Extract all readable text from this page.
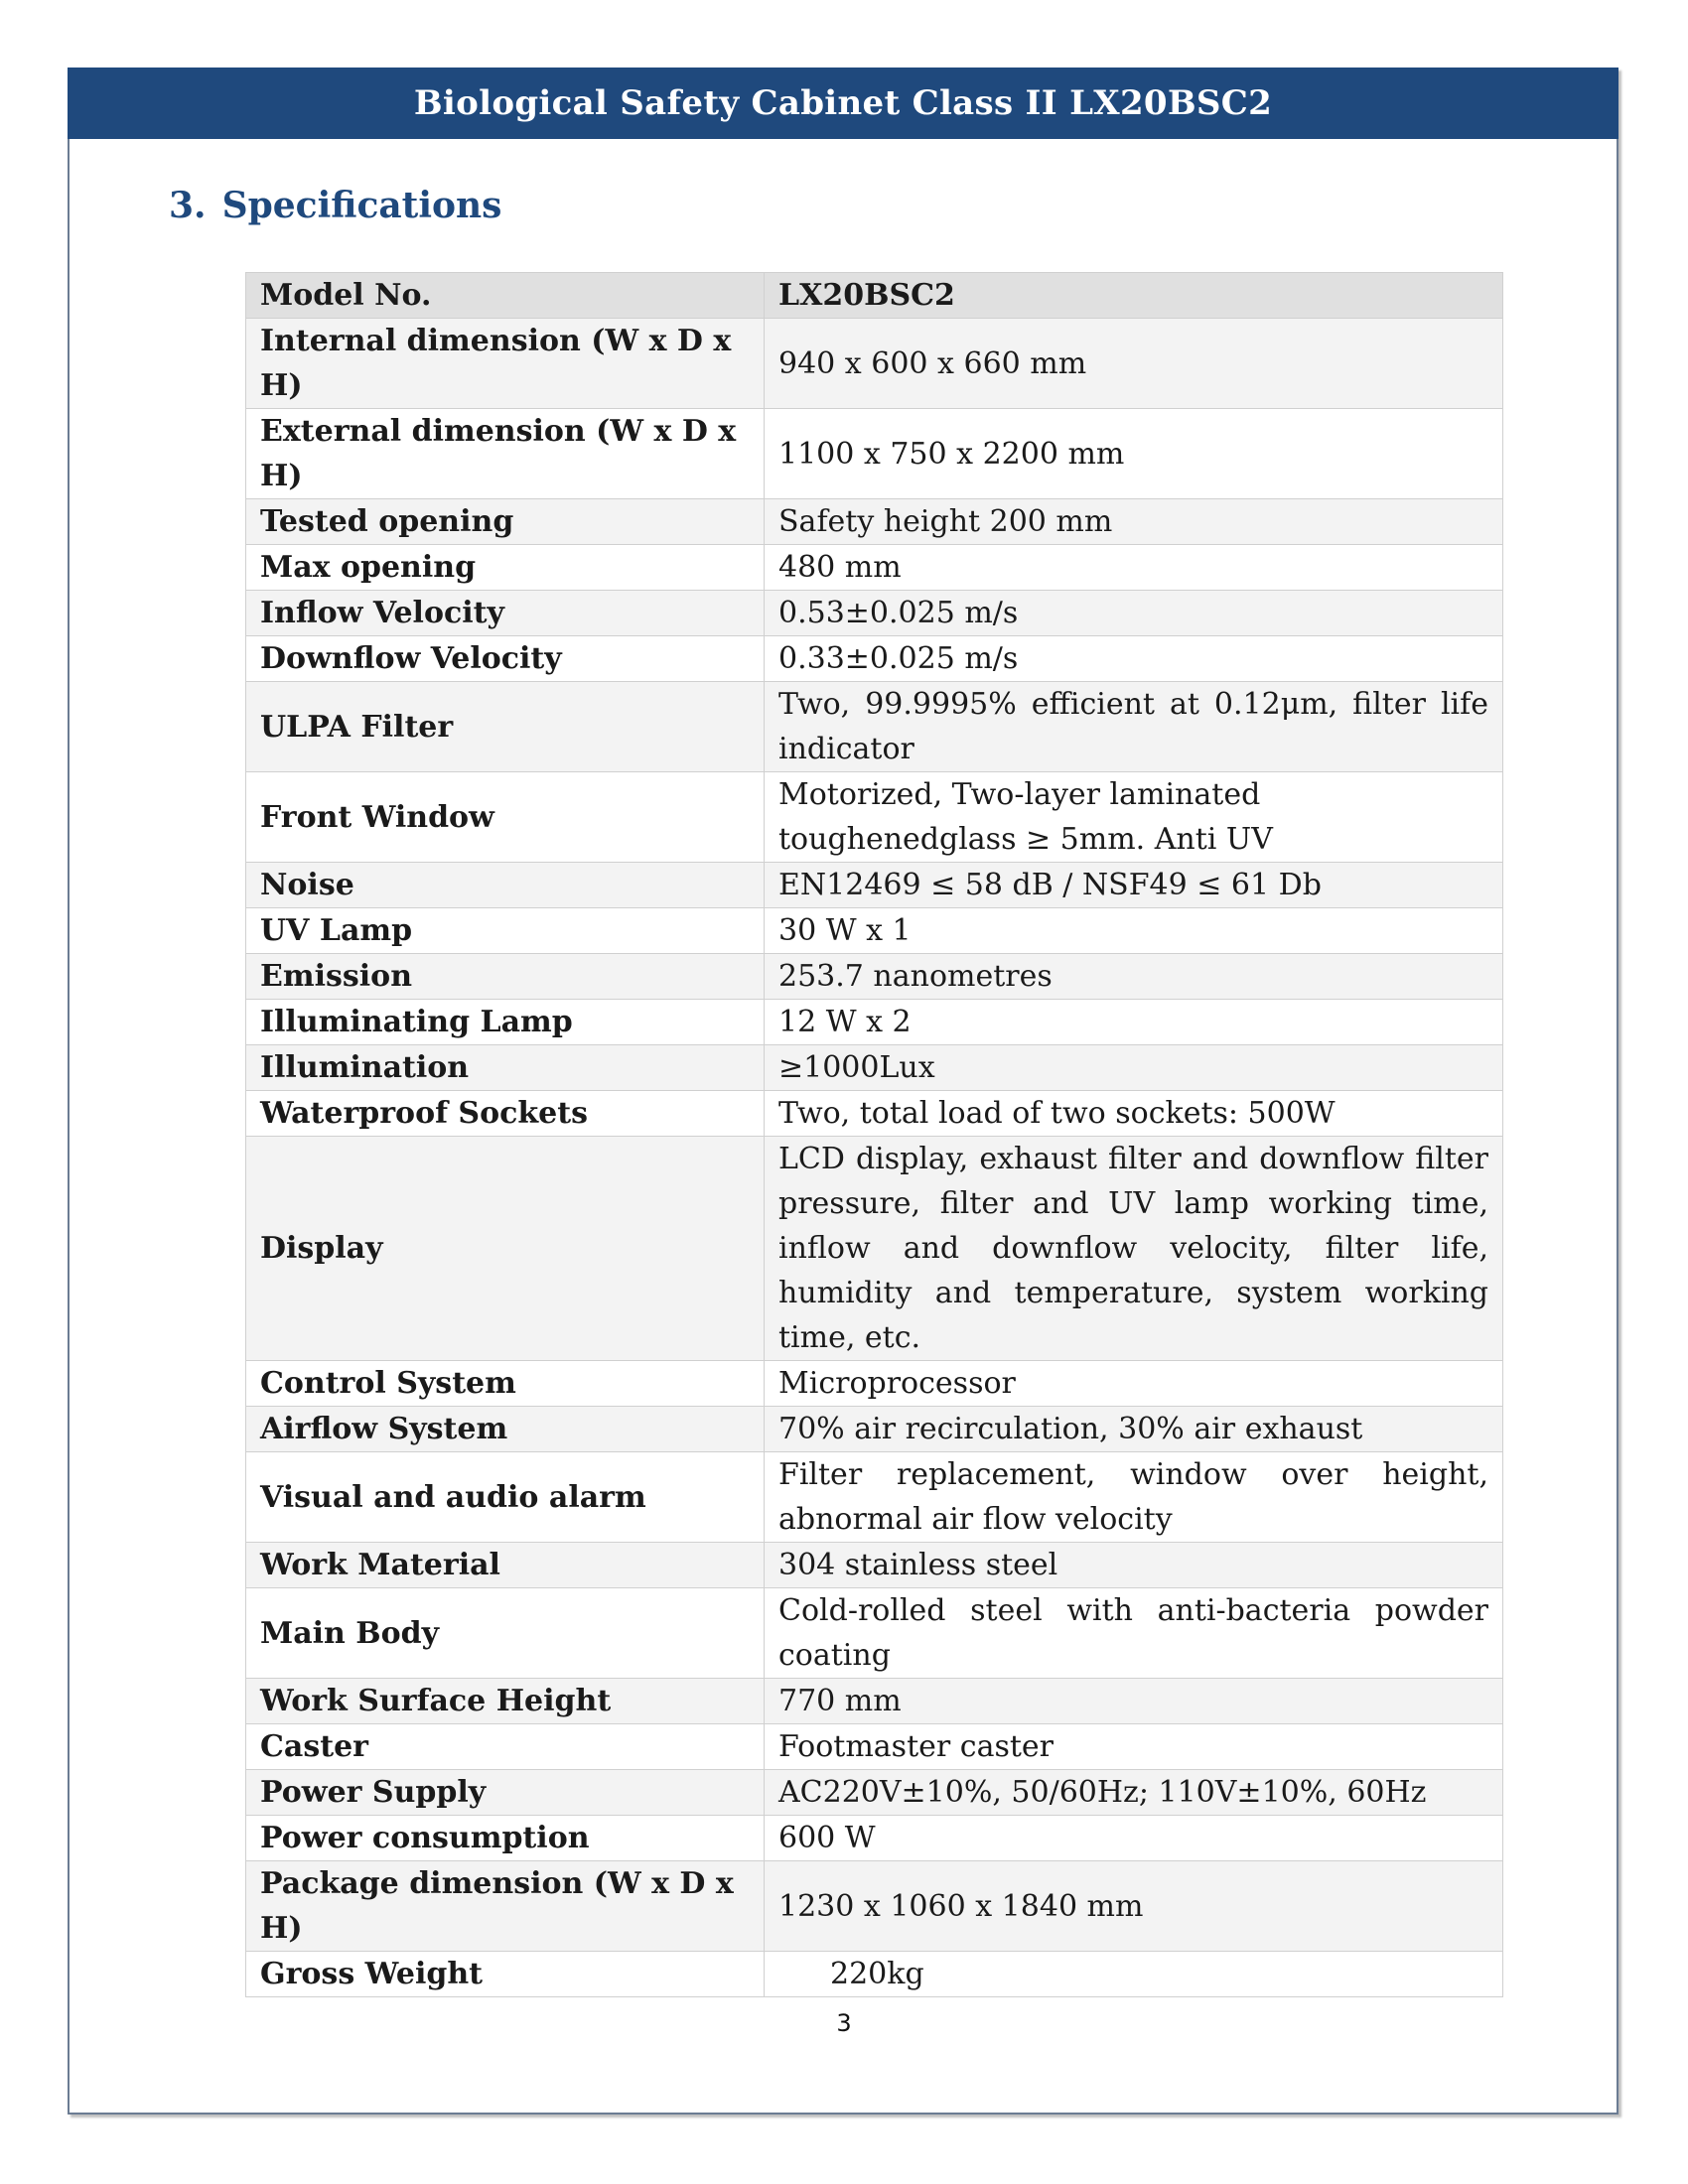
Biological Safety Cabinet Class II LX20BSC2
3. Specifications
Model No.	LX20BSC2
Internal dimension (W x D x H)	940 x 600 x 660 mm
External dimension (W x D x H)	1100 x 750 x 2200 mm
Tested opening	Safety height 200 mm
Max opening	480 mm
Inflow Velocity	0.53±0.025 m/s
Downflow Velocity	0.33±0.025 m/s
ULPA Filter	Two, 99.9995% efficient at 0.12μm, filter life indicator
Front Window	Motorized, Two-layer laminated toughenedglass ≥ 5mm. Anti UV
Noise	EN12469 ≤ 58 dB / NSF49 ≤ 61 Db
UV Lamp	30 W x 1
Emission	253.7 nanometres
Illuminating Lamp	12 W x 2
Illumination	≥1000Lux
Waterproof Sockets	Two, total load of two sockets: 500W
Display	LCD display, exhaust filter and downflow filter pressure, filter and UV lamp working time, inflow and downflow velocity, filter life, humidity and temperature, system working time, etc.
Control System	Microprocessor
Airflow System	70% air recirculation, 30% air exhaust
Visual and audio alarm	Filter replacement, window over height, abnormal air flow velocity
Work Material	304 stainless steel
Main Body	Cold-rolled steel with anti-bacteria powder coating
Work Surface Height	770 mm
Caster	Footmaster caster
Power Supply	AC220V±10%, 50/60Hz; 110V±10%, 60Hz
Power consumption	600 W
Package dimension (W x D x H)	1230 x 1060 x 1840 mm
Gross Weight	220kg
3
